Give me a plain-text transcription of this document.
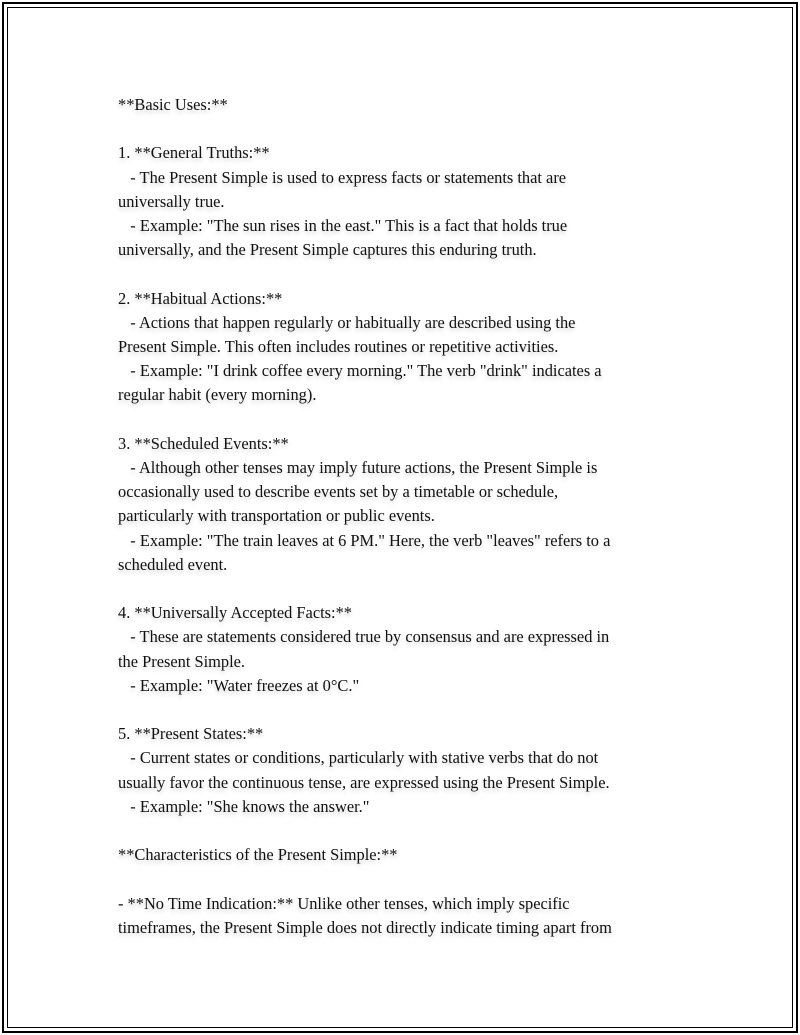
**Basic Uses:**

1. **General Truths:**

- The Present Simple is used to express facts or statements that are

universally true.

- Example: "The sun rises in the east." This is a fact that holds true

universally, and the Present Simple captures this enduring truth.

2. **Habitual Actions:**

- Actions that happen regularly or habitually are described using the

Present Simple. This often includes routines or repetitive activities.

- Example: "I drink coffee every morning." The verb "drink" indicates a

regular habit (every morning).

3. **Scheduled Events:**

- Although other tenses may imply future actions, the Present Simple is

occasionally used to describe events set by a timetable or schedule,

particularly with transportation or public events.

- Example: "The train leaves at 6 PM." Here, the verb "leaves" refers to a

scheduled event.

4. **Universally Accepted Facts:**

- These are statements considered true by consensus and are expressed in

the Present Simple.

- Example: "Water freezes at 0°C."

5. **Present States:**

- Current states or conditions, particularly with stative verbs that do not

usually favor the continuous tense, are expressed using the Present Simple.

- Example: "She knows the answer."

**Characteristics of the Present Simple:**

- **No Time Indication:** Unlike other tenses, which imply specific

timeframes, the Present Simple does not directly indicate timing apart from
